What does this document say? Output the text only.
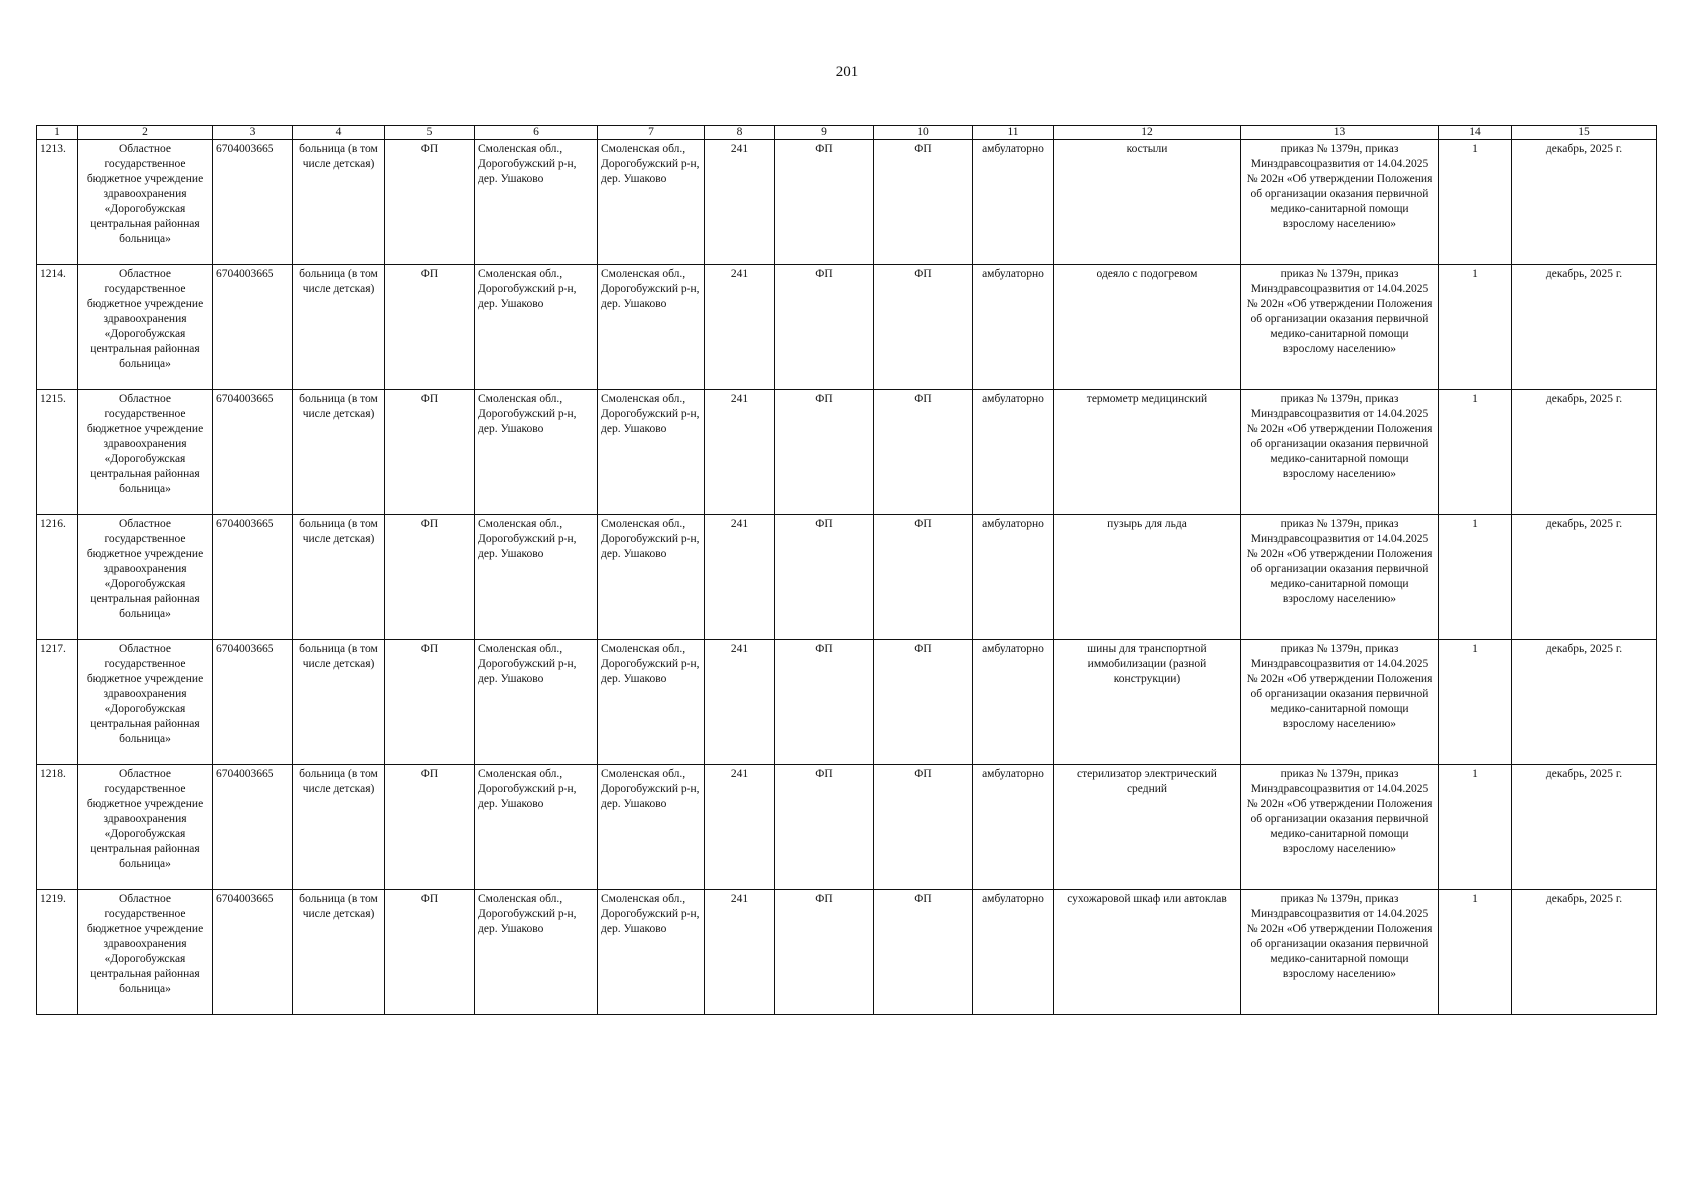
201
1	2	3	4	5	6	7	8	9	10	11	12	13	14	15
1213.	Областное государственное бюджетное учреждение здравоохранения «Дорогобужская центральная районная больница»	6704003665	больница (в том числе детская)	ФП	Смоленская обл., Дорогобужский р-н, дер. Ушаково	Смоленская обл., Дорогобужский р-н, дер. Ушаково	241	ФП	ФП	амбулаторно	костыли	приказ № 1379н, приказ Минздравсоцразвития от 14.04.2025 № 202н «Об утверждении Положения об организации оказания первичной медико-санитарной помощи взрослому населению»	1	декабрь, 2025 г.
1214.	Областное государственное бюджетное учреждение здравоохранения «Дорогобужская центральная районная больница»	6704003665	больница (в том числе детская)	ФП	Смоленская обл., Дорогобужский р-н, дер. Ушаково	Смоленская обл., Дорогобужский р-н, дер. Ушаково	241	ФП	ФП	амбулаторно	одеяло с подогревом	приказ № 1379н, приказ Минздравсоцразвития от 14.04.2025 № 202н «Об утверждении Положения об организации оказания первичной медико-санитарной помощи взрослому населению»	1	декабрь, 2025 г.
1215.	Областное государственное бюджетное учреждение здравоохранения «Дорогобужская центральная районная больница»	6704003665	больница (в том числе детская)	ФП	Смоленская обл., Дорогобужский р-н, дер. Ушаково	Смоленская обл., Дорогобужский р-н, дер. Ушаково	241	ФП	ФП	амбулаторно	термометр медицинский	приказ № 1379н, приказ Минздравсоцразвития от 14.04.2025 № 202н «Об утверждении Положения об организации оказания первичной медико-санитарной помощи взрослому населению»	1	декабрь, 2025 г.
1216.	Областное государственное бюджетное учреждение здравоохранения «Дорогобужская центральная районная больница»	6704003665	больница (в том числе детская)	ФП	Смоленская обл., Дорогобужский р-н, дер. Ушаково	Смоленская обл., Дорогобужский р-н, дер. Ушаково	241	ФП	ФП	амбулаторно	пузырь для льда	приказ № 1379н, приказ Минздравсоцразвития от 14.04.2025 № 202н «Об утверждении Положения об организации оказания первичной медико-санитарной помощи взрослому населению»	1	декабрь, 2025 г.
1217.	Областное государственное бюджетное учреждение здравоохранения «Дорогобужская центральная районная больница»	6704003665	больница (в том числе детская)	ФП	Смоленская обл., Дорогобужский р-н, дер. Ушаково	Смоленская обл., Дорогобужский р-н, дер. Ушаково	241	ФП	ФП	амбулаторно	шины для транспортной иммобилизации (разной конструкции)	приказ № 1379н, приказ Минздравсоцразвития от 14.04.2025 № 202н «Об утверждении Положения об организации оказания первичной медико-санитарной помощи взрослому населению»	1	декабрь, 2025 г.
1218.	Областное государственное бюджетное учреждение здравоохранения «Дорогобужская центральная районная больница»	6704003665	больница (в том числе детская)	ФП	Смоленская обл., Дорогобужский р-н, дер. Ушаково	Смоленская обл., Дорогобужский р-н, дер. Ушаково	241	ФП	ФП	амбулаторно	стерилизатор электрический средний	приказ № 1379н, приказ Минздравсоцразвития от 14.04.2025 № 202н «Об утверждении Положения об организации оказания первичной медико-санитарной помощи взрослому населению»	1	декабрь, 2025 г.
1219.	Областное государственное бюджетное учреждение здравоохранения «Дорогобужская центральная районная больница»	6704003665	больница (в том числе детская)	ФП	Смоленская обл., Дорогобужский р-н, дер. Ушаково	Смоленская обл., Дорогобужский р-н, дер. Ушаково	241	ФП	ФП	амбулаторно	сухожаровой шкаф или автоклав	приказ № 1379н, приказ Минздравсоцразвития от 14.04.2025 № 202н «Об утверждении Положения об организации оказания первичной медико-санитарной помощи взрослому населению»	1	декабрь, 2025 г.
